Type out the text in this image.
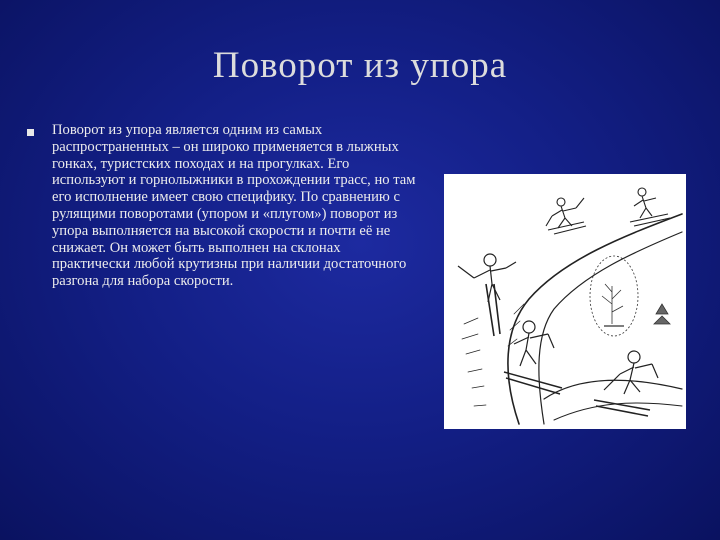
Поворот из упора
Поворот из упора является одним из самых распространенных – он широко применяется в лыжных гонках, туристских походах и на прогулках. Его используют и горнолыжники в прохождении трасс, но там его исполнение имеет свою специфику. По сравнению с рулящими поворотами (упором и «плугом») поворот из упора выполняется на высокой скорости и почти её не снижает. Он может быть выполнен на склонах практически любой крутизны при наличии достаточного разгона для набора скорости.
